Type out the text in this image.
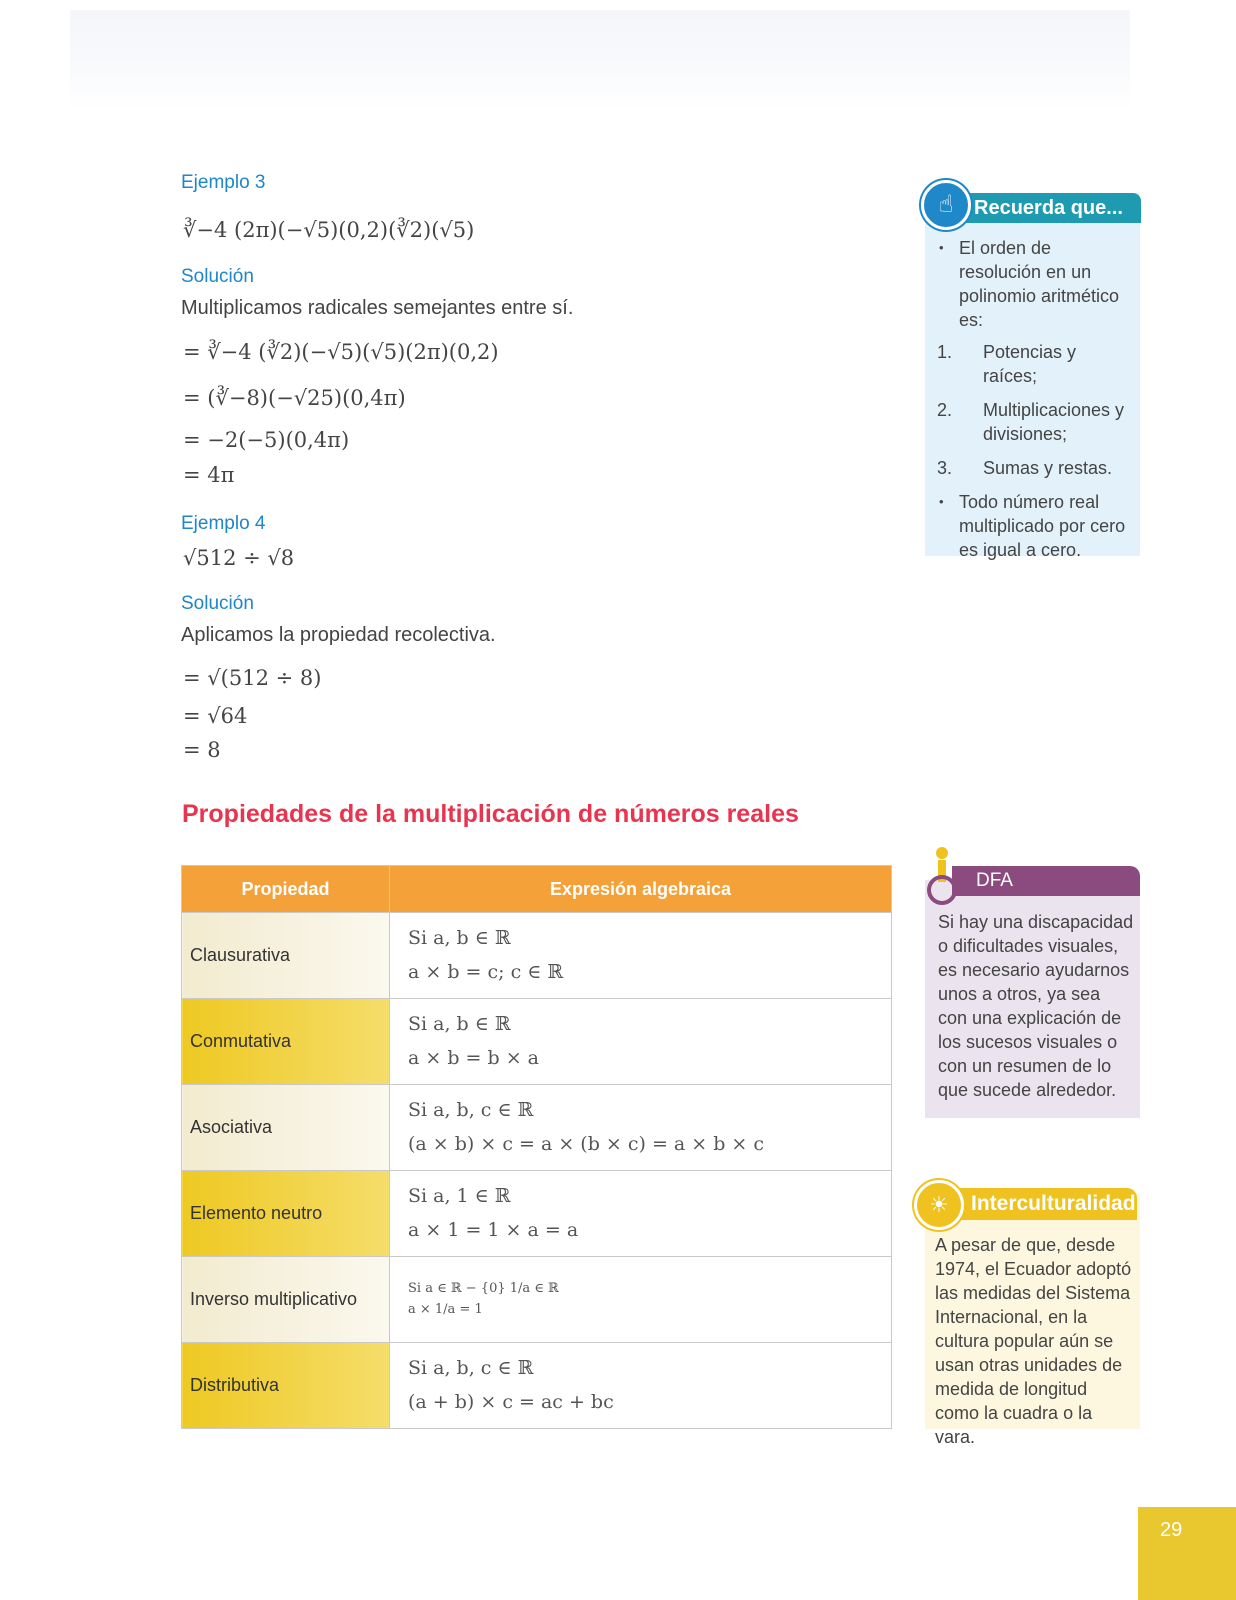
Ejemplo 3
∛−4 (2π)(−√5)(0,2)(∛2)(√5)
Solución
Multiplicamos radicales semejantes entre sí.
= ∛−4 (∛2)(−√5)(√5)(2π)(0,2)
= (∛−8)(−√25)(0,4π)
= −2(−5)(0,4π)
= 4π
Ejemplo 4
√512 ÷ √8
Solución
Aplicamos la propiedad recolectiva.
= √(512 ÷ 8)
= √64
= 8
Propiedades de la multiplicación de números reales
Propiedad	Expresión algebraica
Clausurativa	Si a, b ∈ ℝ
a × b = c; c ∈ ℝ

Conmutativa	Si a, b ∈ ℝ
a × b = b × a

Asociativa	Si a, b, c ∈ ℝ
(a × b) × c = a × (b × c) = a × b × c

Elemento neutro	Si a, 1 ∈ ℝ
a × 1 = 1 × a = a

Inverso multiplicativo	Si a ∈ ℝ − {0} 1/a ∈ ℝ
a × 1/a = 1

Distributiva	Si a, b, c ∈ ℝ
(a + b) × c = ac + bc
Recuerda que...
☝
• El orden de resolución en un polinomio aritmético es:
1.	Potencias y raíces;
2.	Multiplicaciones y divisiones;
3.	Sumas y restas.
• Todo número real multiplicado por cero es igual a cero.
DFA
Si hay una discapacidad o dificultades visuales, es necesario ayudarnos unos a otros, ya sea con una explicación de los sucesos visuales o con un resumen de lo que sucede alrededor.
Interculturalidad
☀
A pesar de que, desde 1974, el Ecuador adoptó las medidas del Sistema Internacional, en la cultura popular aún se usan otras unidades de medida de longitud como la cuadra o la vara.
29
